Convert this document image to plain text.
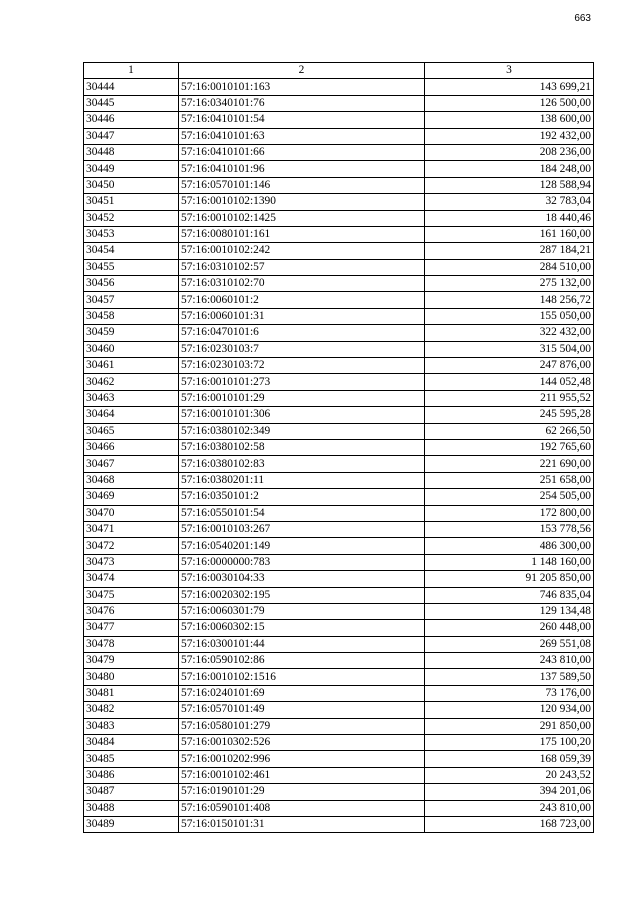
663
1	2	3
30444	57:16:0010101:163	143 699,21
30445	57:16:0340101:76	126 500,00
30446	57:16:0410101:54	138 600,00
30447	57:16:0410101:63	192 432,00
30448	57:16:0410101:66	208 236,00
30449	57:16:0410101:96	184 248,00
30450	57:16:0570101:146	128 588,94
30451	57:16:0010102:1390	32 783,04
30452	57:16:0010102:1425	18 440,46
30453	57:16:0080101:161	161 160,00
30454	57:16:0010102:242	287 184,21
30455	57:16:0310102:57	284 510,00
30456	57:16:0310102:70	275 132,00
30457	57:16:0060101:2	148 256,72
30458	57:16:0060101:31	155 050,00
30459	57:16:0470101:6	322 432,00
30460	57:16:0230103:7	315 504,00
30461	57:16:0230103:72	247 876,00
30462	57:16:0010101:273	144 052,48
30463	57:16:0010101:29	211 955,52
30464	57:16:0010101:306	245 595,28
30465	57:16:0380102:349	62 266,50
30466	57:16:0380102:58	192 765,60
30467	57:16:0380102:83	221 690,00
30468	57:16:0380201:11	251 658,00
30469	57:16:0350101:2	254 505,00
30470	57:16:0550101:54	172 800,00
30471	57:16:0010103:267	153 778,56
30472	57:16:0540201:149	486 300,00
30473	57:16:0000000:783	1 148 160,00
30474	57:16:0030104:33	91 205 850,00
30475	57:16:0020302:195	746 835,04
30476	57:16:0060301:79	129 134,48
30477	57:16:0060302:15	260 448,00
30478	57:16:0300101:44	269 551,08
30479	57:16:0590102:86	243 810,00
30480	57:16:0010102:1516	137 589,50
30481	57:16:0240101:69	73 176,00
30482	57:16:0570101:49	120 934,00
30483	57:16:0580101:279	291 850,00
30484	57:16:0010302:526	175 100,20
30485	57:16:0010202:996	168 059,39
30486	57:16:0010102:461	20 243,52
30487	57:16:0190101:29	394 201,06
30488	57:16:0590101:408	243 810,00
30489	57:16:0150101:31	168 723,00
